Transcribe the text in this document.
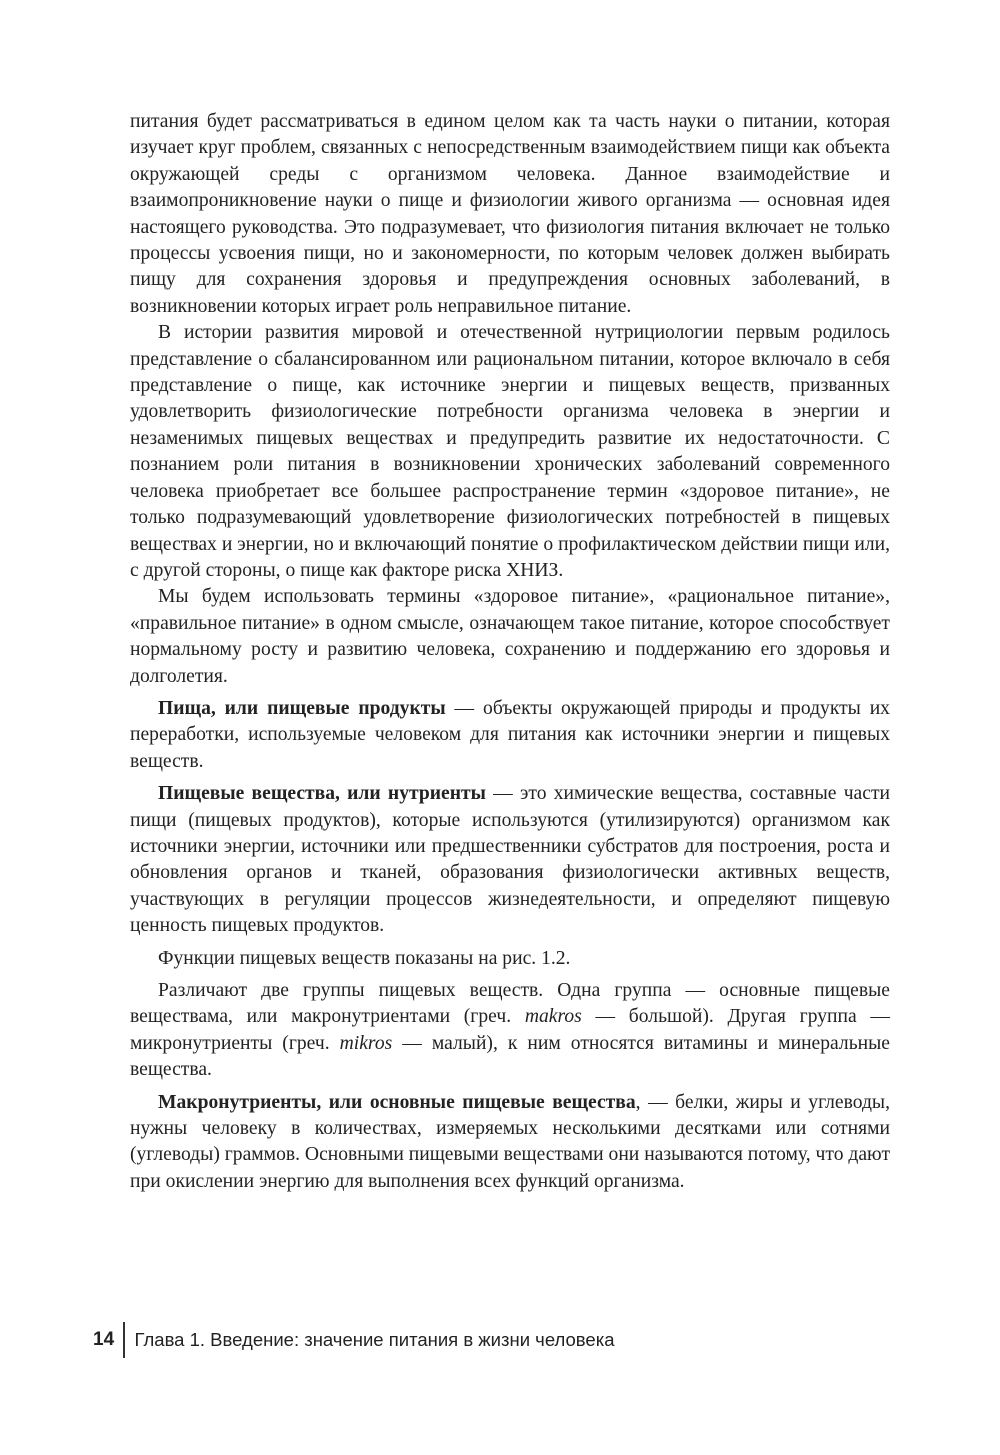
питания будет рассматриваться в едином целом как та часть науки о питании, которая изучает круг проблем, связанных с непосредственным взаимодействием пищи как объекта окружающей среды с организмом человека. Данное взаимодействие и взаимопроникновение науки о пище и физиологии живого организма — основная идея настоящего руководства. Это подразумевает, что физиология питания включает не только процессы усвоения пищи, но и закономерности, по которым человек должен выбирать пищу для сохранения здоровья и предупреждения основных заболеваний, в возникновении которых играет роль неправильное питание.

В истории развития мировой и отечественной нутрициологии первым родилось представление о сбалансированном или рациональном питании, которое включало в себя представление о пище, как источнике энергии и пищевых веществ, призванных удовлетворить физиологические потребности организма человека в энергии и незаменимых пищевых веществах и предупредить развитие их недостаточности. С познанием роли питания в возникновении хронических заболеваний современного человека приобретает все большее распространение термин «здоровое питание», не только подразумевающий удовлетворение физиологических потребностей в пищевых веществах и энергии, но и включающий понятие о профилактическом действии пищи или, с другой стороны, о пище как факторе риска ХНИЗ.

Мы будем использовать термины «здоровое питание», «рациональное питание», «правильное питание» в одном смысле, означающем такое питание, которое способствует нормальному росту и развитию человека, сохранению и поддержанию его здоровья и долголетия.

Пища, или пищевые продукты — объекты окружающей природы и продукты их переработки, используемые человеком для питания как источники энергии и пищевых веществ.

Пищевые вещества, или нутриенты — это химические вещества, составные части пищи (пищевых продуктов), которые используются (утилизируются) организмом как источники энергии, источники или предшественники субстратов для построения, роста и обновления органов и тканей, образования физиологически активных веществ, участвующих в регуляции процессов жизнедеятельности, и определяют пищевую ценность пищевых продуктов.

Функции пищевых веществ показаны на рис. 1.2.

Различают две группы пищевых веществ. Одна группа — основные пищевые веществама, или макронутриентами (греч. makros — большой). Другая группа — микронутриенты (греч. mikros — малый), к ним относятся витамины и минеральные вещества.

Макронутриенты, или основные пищевые вещества, — белки, жиры и углеводы, нужны человеку в количествах, измеряемых несколькими десятками или сотнями (углеводы) граммов. Основными пищевыми веществами они называются потому, что дают при окислении энергию для выполнения всех функций организма.

14	Глава 1. Введение: значение питания в жизни человека
